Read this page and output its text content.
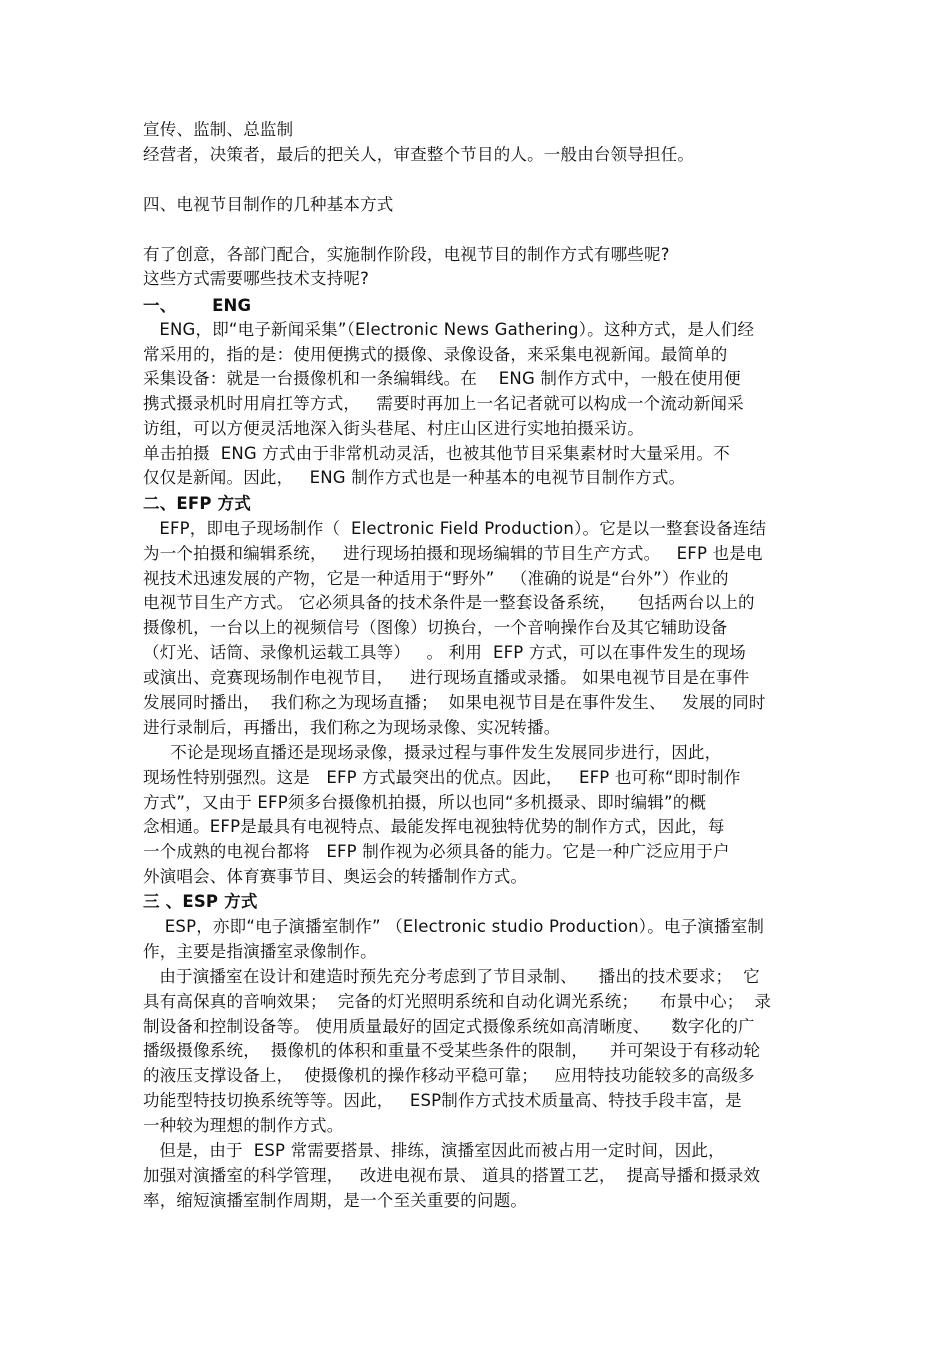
宣传、监制、总监制
经营者，决策者，最后的把关人，审查整个节目的人。一般由台领导担任。
四、电视节目制作的几种基本方式
有了创意，各部门配合，实施制作阶段，电视节目的制作方式有哪些呢?
这些方式需要哪些技术支持呢?
一、      ENG
ENG，即“电子新闻采集”（Electronic News Gathering）。这种方式，是人们经
常采用的，指的是：使用便携式的摄像、录像设备，来采集电视新闻。最简单的
采集设备：就是一台摄像机和一条编辑线。在    ENG 制作方式中，一般在使用便
携式摄录机时用肩扛等方式，   需要时再加上一名记者就可以构成一个流动新闻采
访组，可以方便灵活地深入街头巷尾、村庄山区进行实地拍摄采访。
单击拍摄  ENG 方式由于非常机动灵活，也被其他节目采集素材时大量采用。不
仅仅是新闻。因此，   ENG 制作方式也是一种基本的电视节目制作方式。
二、EFP 方式
EFP，即电子现场制作（  Electronic Field Production）。它是以一整套设备连结
为一个拍摄和编辑系统，   进行现场拍摄和现场编辑的节目生产方式。   EFP 也是电
视技术迅速发展的产物，它是一种适用于“野外”   （准确的说是“台外”）作业的
电视节目生产方式。 它必须具备的技术条件是一整套设备系统，    包括两台以上的
摄像机，一台以上的视频信号（图像）切换台，一个音响操作台及其它辅助设备
（灯光、话筒、录像机运载工具等）   。 利用  EFP 方式，可以在事件发生的现场
或演出、竞赛现场制作电视节目，   进行现场直播或录播。 如果电视节目是在事件
发展同时播出，  我们称之为现场直播；  如果电视节目是在事件发生、   发展的同时
进行录制后，再播出，我们称之为现场录像、实况转播。
不论是现场直播还是现场录像，摄录过程与事件发生发展同步进行，因此，
现场性特别强烈。这是   EFP 方式最突出的优点。因此，   EFP 也可称“即时制作
方式”，又由于 EFP须多台摄像机拍摄，所以也同“多机摄录、即时编辑”的概
念相通。EFP是最具有电视特点、最能发挥电视独特优势的制作方式，因此，每
一个成熟的电视台都将   EFP 制作视为必须具备的能力。它是一种广泛应用于户
外演唱会、体育赛事节目、奥运会的转播制作方式。
三 、ESP 方式
ESP，亦即“电子演播室制作” （Electronic studio Production）。电子演播室制
作，主要是指演播室录像制作。
由于演播室在设计和建造时预先充分考虑到了节目录制、    播出的技术要求；  它
具有高保真的音响效果；  完备的灯光照明系统和自动化调光系统；    布景中心；  录
制设备和控制设备等。 使用质量最好的固定式摄像系统如高清晰度、    数字化的广
播级摄像系统，  摄像机的体积和重量不受某些条件的限制，    并可架设于有移动轮
的液压支撑设备上，  使摄像机的操作移动平稳可靠；   应用特技功能较多的高级多
功能型特技切换系统等等。因此，   ESP制作方式技术质量高、特技手段丰富，是
一种较为理想的制作方式。
但是，由于  ESP 常需要搭景、排练，演播室因此而被占用一定时间，因此，
加强对演播室的科学管理，   改进电视布景、 道具的搭置工艺，  提高导播和摄录效
率，缩短演播室制作周期，是一个至关重要的问题。
